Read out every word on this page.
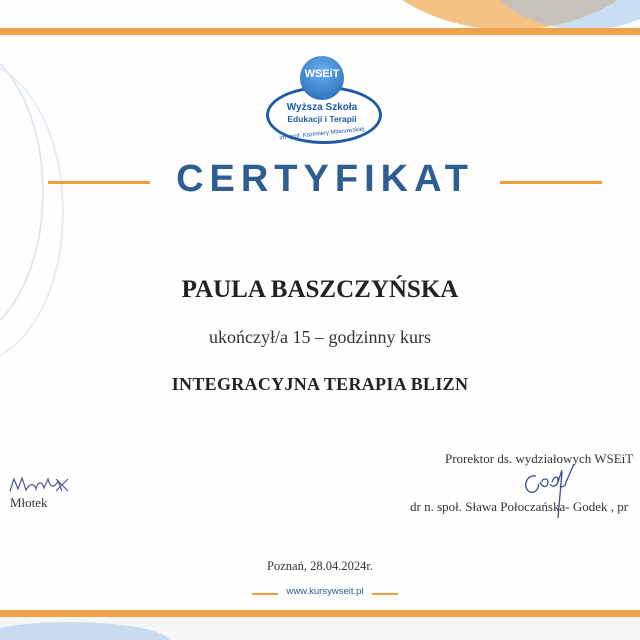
WSEiT
Wyższa Szkoła
Edukacji i Terapii
im. prof. Kazimiery Milanowskiej
CERTYFIKAT
PAULA BASZCZYŃSKA
ukończył/a 15 – godzinny kurs
INTEGRACYJNA TERAPIA BLIZN
Młotek
Prorektor ds. wydziałowych WSEiT
dr n. społ. Sława Połoczańska- Godek , pr
Poznań, 28.04.2024r.
www.kursywseit.pl
